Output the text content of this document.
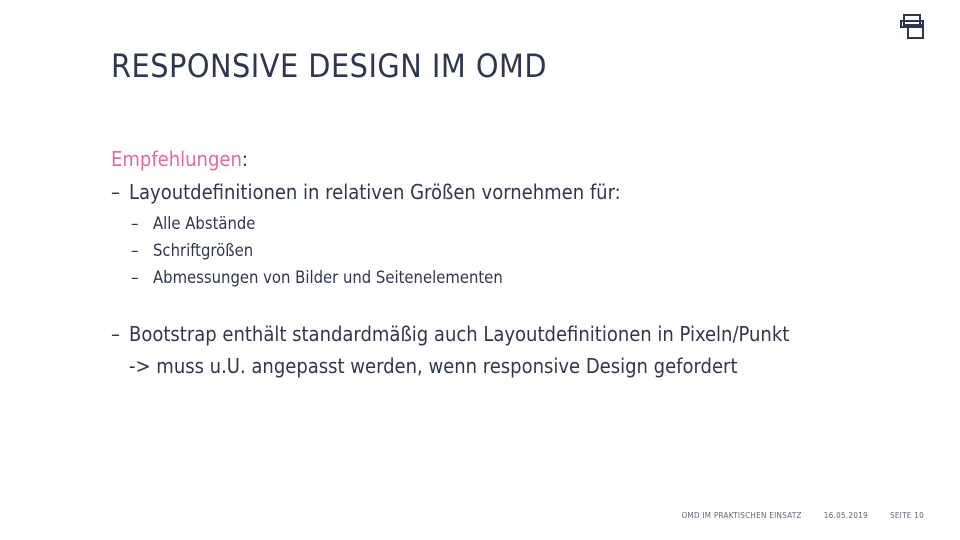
RESPONSIVE DESIGN IM OMD
Empfehlungen:
– Layoutdefinitionen in relativen Größen vornehmen für:
– Alle Abstände
– Schriftgrößen
– Abmessungen von Bilder und Seitenelementen
– Bootstrap enthält standardmäßig auch Layoutdefinitionen in Pixeln/Punkt
-> muss u.U. angepasst werden, wenn responsive Design gefordert
OMD IM PRAKTISCHEN EINSATZ	16.05.2019	SEITE 10
